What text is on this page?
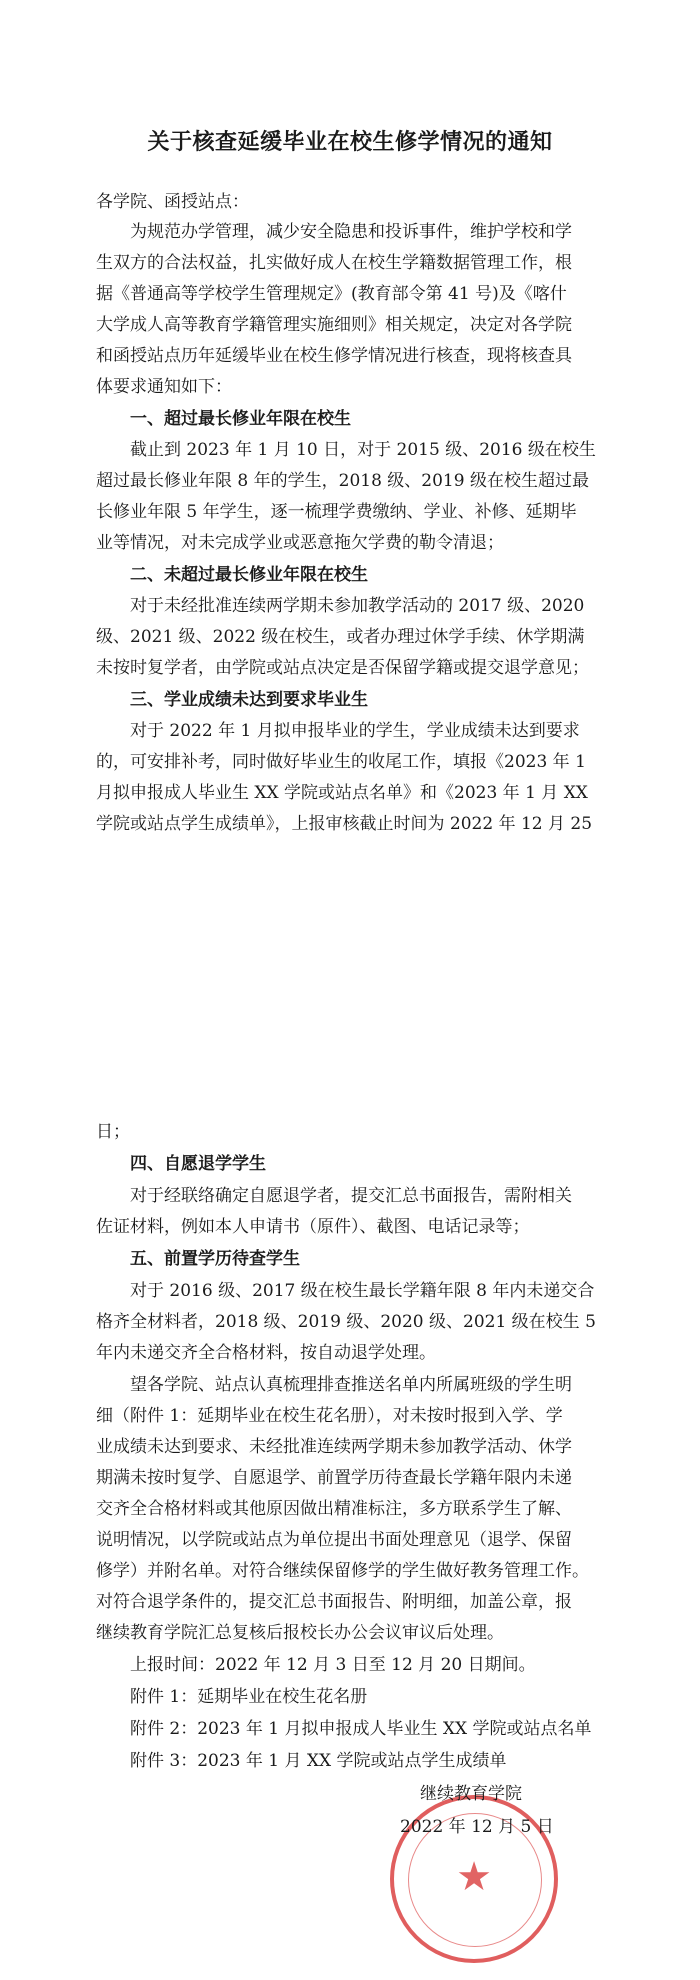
关于核查延缓毕业在校生修学情况的通知
各学院、函授站点：
为规范办学管理，减少安全隐患和投诉事件，维护学校和学
生双方的合法权益，扎实做好成人在校生学籍数据管理工作，根
据《普通高等学校学生管理规定》(教育部令第 41 号)及《喀什
大学成人高等教育学籍管理实施细则》相关规定，决定对各学院
和函授站点历年延缓毕业在校生修学情况进行核查，现将核查具
体要求通知如下：
一、超过最长修业年限在校生
截止到 2023 年 1 月 10 日，对于 2015 级、2016 级在校生
超过最长修业年限 8 年的学生，2018 级、2019 级在校生超过最
长修业年限 5 年学生，逐一梳理学费缴纳、学业、补修、延期毕
业等情况，对未完成学业或恶意拖欠学费的勒令清退；
二、未超过最长修业年限在校生
对于未经批准连续两学期未参加教学活动的 2017 级、2020
级、2021 级、2022 级在校生，或者办理过休学手续、休学期满
未按时复学者，由学院或站点决定是否保留学籍或提交退学意见；
三、学业成绩未达到要求毕业生
对于 2022 年 1 月拟申报毕业的学生，学业成绩未达到要求
的，可安排补考，同时做好毕业生的收尾工作，填报《2023 年 1
月拟申报成人毕业生 XX 学院或站点名单》和《2023 年 1 月 XX
学院或站点学生成绩单》，上报审核截止时间为 2022 年 12 月 25
日；
四、自愿退学学生
对于经联络确定自愿退学者，提交汇总书面报告，需附相关
佐证材料，例如本人申请书（原件）、截图、电话记录等；
五、前置学历待查学生
对于 2016 级、2017 级在校生最长学籍年限 8 年内未递交合
格齐全材料者，2018 级、2019 级、2020 级、2021 级在校生 5
年内未递交齐全合格材料，按自动退学处理。
望各学院、站点认真梳理排查推送名单内所属班级的学生明
细（附件 1：延期毕业在校生花名册），对未按时报到入学、学
业成绩未达到要求、未经批准连续两学期未参加教学活动、休学
期满未按时复学、自愿退学、前置学历待查最长学籍年限内未递
交齐全合格材料或其他原因做出精准标注，多方联系学生了解、
说明情况，以学院或站点为单位提出书面处理意见（退学、保留
修学）并附名单。对符合继续保留修学的学生做好教务管理工作。
对符合退学条件的，提交汇总书面报告、附明细，加盖公章，报
继续教育学院汇总复核后报校长办公会议审议后处理。
上报时间：2022 年 12 月 3 日至 12 月 20 日期间。
附件 1：延期毕业在校生花名册
附件 2：2023 年 1 月拟申报成人毕业生 XX 学院或站点名单
附件 3：2023 年 1 月 XX 学院或站点学生成绩单
★
继续教育学院
2022 年 12 月 5 日
